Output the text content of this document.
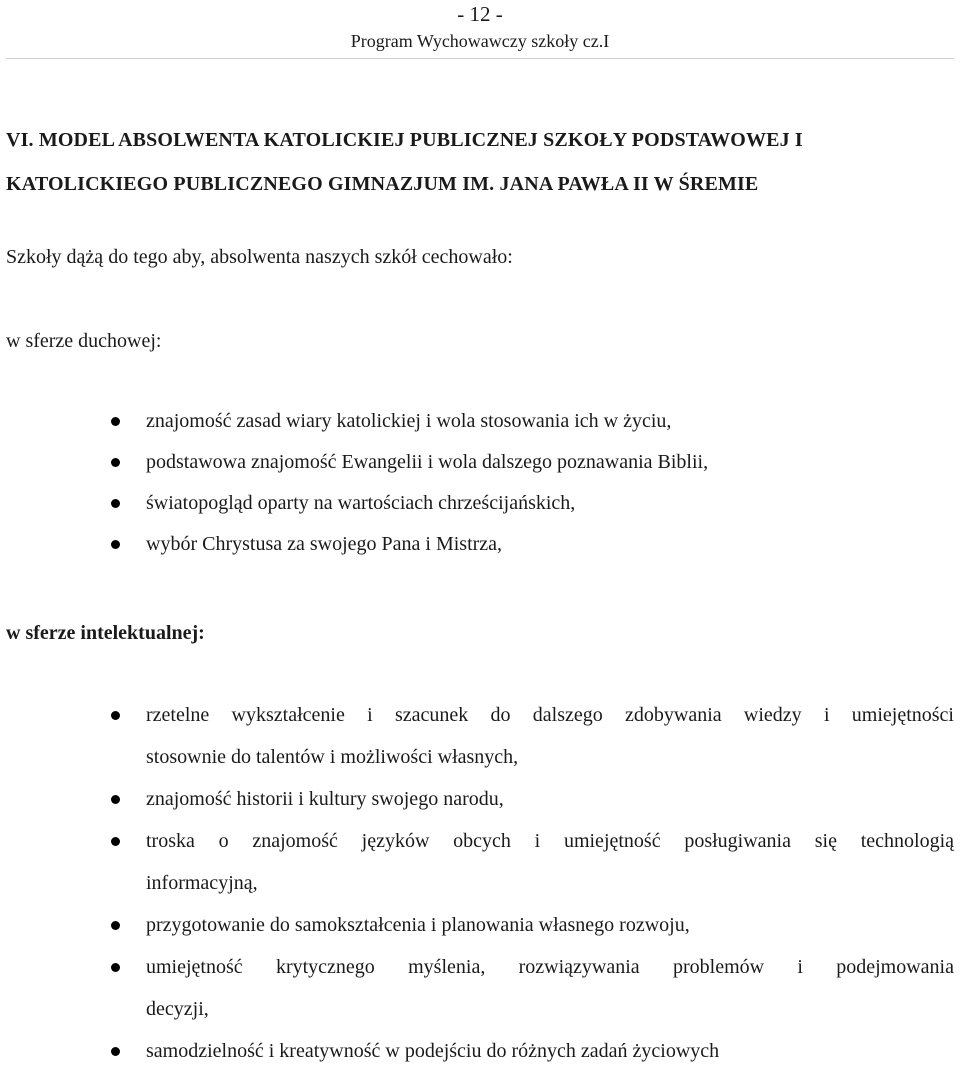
- 12 -
Program Wychowawczy szkoły cz.I
VI. MODEL ABSOLWENTA KATOLICKIEJ PUBLICZNEJ SZKOŁY PODSTAWOWEJ I KATOLICKIEGO PUBLICZNEGO GIMNAZJUM IM. JANA PAWŁA II W ŚREMIE
Szkoły dążą do tego aby, absolwenta naszych szkół cechowało:
w sferze duchowej:
znajomość zasad wiary katolickiej i wola stosowania ich w życiu,
podstawowa znajomość Ewangelii i wola dalszego poznawania Biblii,
światopogląd oparty na wartościach chrześcijańskich,
wybór Chrystusa za swojego Pana i Mistrza,
w sferze intelektualnej:
rzetelne wykształcenie i szacunek do dalszego zdobywania wiedzy i umiejętności
stosownie do talentów i możliwości własnych,
znajomość historii i kultury swojego narodu,
troska o znajomość języków obcych i umiejętność posługiwania się technologią
informacyjną,
przygotowanie do samokształcenia i planowania własnego rozwoju,
umiejętność krytycznego myślenia, rozwiązywania problemów i podejmowania
decyzji,
samodzielność i kreatywność w podejściu do różnych zadań życiowych
